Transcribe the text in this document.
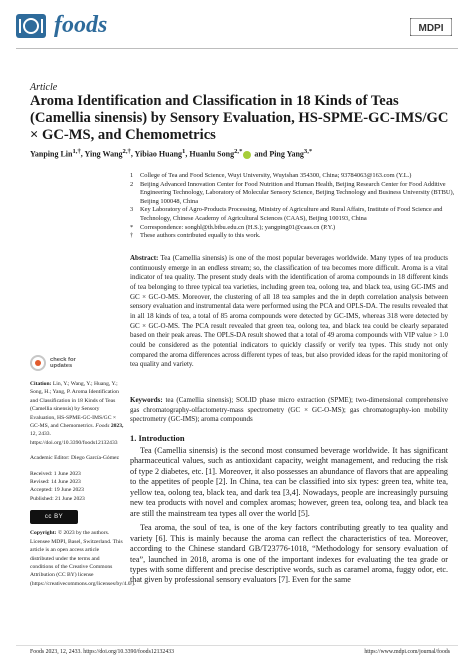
foods	MDPI
Article
Aroma Identification and Classification in 18 Kinds of Teas (Camellia sinensis) by Sensory Evaluation, HS-SPME-GC-IMS/GC × GC-MS, and Chemometrics
Yanping Lin$^{1,\dagger}$, Ying Wang$^{2,\dagger}$, Yibiao Huang$^1$, Huanlu Song$^{2,*}$ and Ping Yang$^{3,*}$
1	College of Tea and Food Science, Wuyi University, Wuyishan 354300, China; 93784063@163.com (Y.L.)
2	Beijing Advanced Innovation Center for Food Nutrition and Human Health, Beijing Research Center for Food Additive Engineering Technology, Laboratory of Molecular Sensory Science, Beijing Technology and Business University (BTBU), Beijing 100048, China
3	Key Laboratory of Agro-Products Processing, Ministry of Agriculture and Rural Affairs, Institute of Food Science and Technology, Chinese Academy of Agricultural Sciences (CAAS), Beijing 100193, China
*	Correspondence: songhl@th.btbu.edu.cn (H.S.); yangping01@caas.cn (P.Y.)
†	These authors contributed equally to this work.
Abstract: Tea (Camellia sinensis) is one of the most popular beverages worldwide. Many types of tea products continuously emerge in an endless stream; so, the classification of tea becomes more difficult. Aroma is a vital indicator of tea quality. The present study deals with the identification of aroma compounds in 18 different kinds of tea belonging to three typical tea varieties, including green tea, oolong tea, and black tea, using GC-IMS and GC × GC-O-MS. Moreover, the clustering of all 18 tea samples and the in depth correlation analysis between sensory evaluation and instrumental data were performed using the PCA and OPLS-DA. The results revealed that in all 18 kinds of tea, a total of 85 aroma compounds were detected by GC-IMS, whereas 318 were detected by GC × GC-O-MS. The PCA result revealed that green tea, oolong tea, and black tea could be clearly separated based on their peak areas. The OPLS-DA result showed that a total of 49 aroma compounds with VIP value > 1.0 could be considered as the potential indicators to quickly classify or verify tea types. This study not only compared the aroma differences across different types of teas, but also provided ideas for the rapid monitoring of tea quality and variety.
Keywords: tea (Camellia sinensis); SOLID phase micro extraction (SPME); two-dimensional comprehensive gas chromatography-olfactometry-mass spectrometry (GC × GC-O-MS); gas chromatography-ion mobility spectrometry (GC-IMS); aroma compounds
check for
updates

Citation: Lin, Y.; Wang, Y.; Huang, Y.; Song, H.; Yang, P. Aroma Identification and Classification in 18 Kinds of Teas (Camellia sinensis) by Sensory Evaluation, HS-SPME-GC-IMS/GC × GC-MS, and Chemometrics. Foods 2023, 12, 2433. https://doi.org/10.3390/foods12132433

Academic Editor: Diego García-Gómez

Received: 1 June 2023
Revised: 14 June 2023
Accepted: 19 June 2023
Published: 21 June 2023

cc BY

Copyright: © 2023 by the authors. Licensee MDPI, Basel, Switzerland. This article is an open access article distributed under the terms and conditions of the Creative Commons Attribution (CC BY) license (https://creativecommons.org/licenses/by/4.0/).

1. Introduction

Tea (Camellia sinensis) is the second most consumed beverage worldwide. It has significant pharmaceutical values, such as antioxidant capacity, weight management, and reducing the risk of type 2 diabetes, etc. [1]. Moreover, it also possesses an abundance of flavors that are appealing to the appetites of people [2]. In China, tea can be classified into six types: green tea, white tea, yellow tea, oolong tea, black tea, and dark tea [3,4]. Nowadays, people are increasingly pursuing new tea products with novel and complex aromas; however, green tea, oolong tea, and black tea are still the mainstream tea types all over the world [5].

Tea aroma, the soul of tea, is one of the key factors contributing greatly to tea quality and variety [6]. This is mainly because the aroma can reflect the characteristics of tea. Moreover, according to the Chinese standard GB/T23776-1018, “Methodology for sensory evaluation of tea”, launched in 2018, aroma is one of the important indexes for evaluating the tea grade or types with some different and precise descriptive words, such as caramel aroma, fuggy odor, etc. that given by professional sensory evaluators [7]. Even for the same

Foods 2023, 12, 2433. https://doi.org/10.3390/foods12132433	https://www.mdpi.com/journal/foods
